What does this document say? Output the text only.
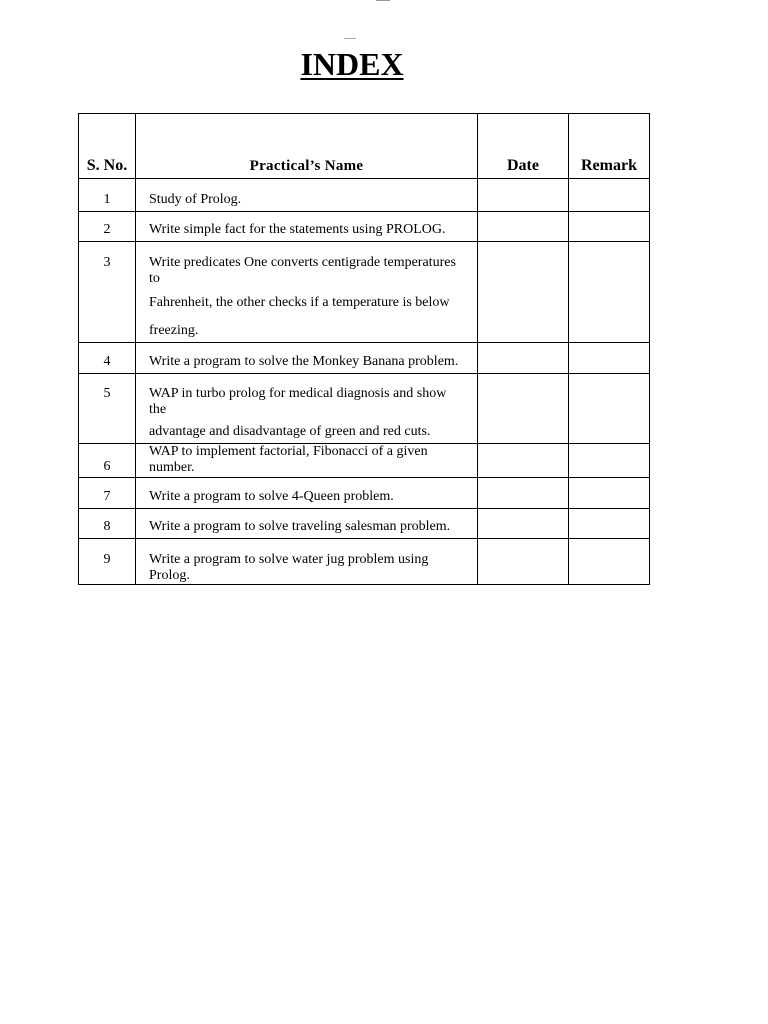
INDEX
S. No.	Practical’s Name	Date	Remark
1	Study of Prolog.		

2	Write simple fact for the statements using PROLOG.		

3	Write predicates One converts centigrade temperatures
to
Fahrenheit, the other checks if a temperature is below
freezing.		

4	Write a program to solve the Monkey Banana problem.		

5	WAP in turbo prolog for medical diagnosis and show
the
advantage and disadvantage of green and red cuts.		

6	WAP to implement factorial, Fibonacci of a given
number.		

7	Write a program to solve 4-Queen problem.		

8	Write a program to solve traveling salesman problem.		

9	Write a program to solve water jug problem using
Prolog.		
